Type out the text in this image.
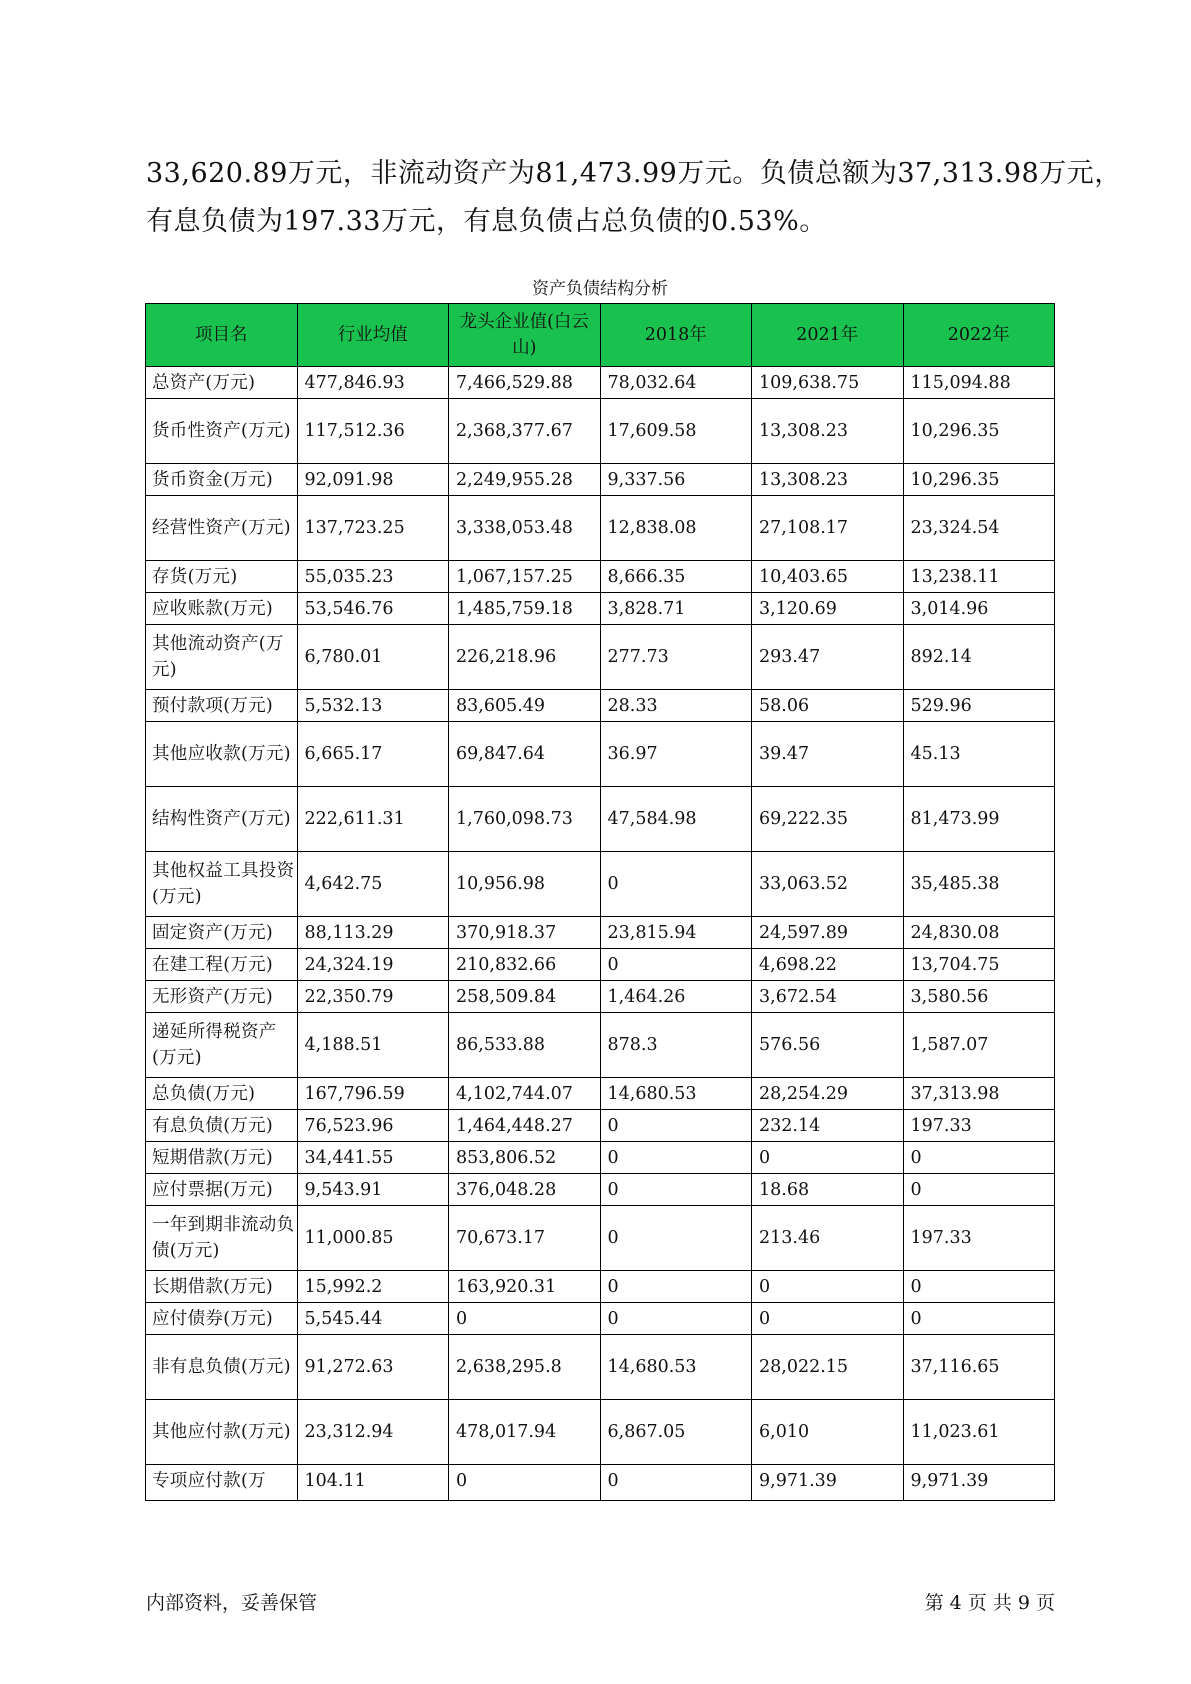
33,620.89万元，非流动资产为81,473.99万元。负债总额为37,313.98万元，

有息负债为197.33万元，有息负债占总负债的0.53%。

资产负债结构分析
项目名	行业均值	龙头企业值(白云山)	2018年	2021年	2022年
总资产(万元)	477,846.93	7,466,529.88	78,032.64	109,638.75	115,094.88
货币性资产(万元)	117,512.36	2,368,377.67	17,609.58	13,308.23	10,296.35
货币资金(万元)	92,091.98	2,249,955.28	9,337.56	13,308.23	10,296.35
经营性资产(万元)	137,723.25	3,338,053.48	12,838.08	27,108.17	23,324.54
存货(万元)	55,035.23	1,067,157.25	8,666.35	10,403.65	13,238.11
应收账款(万元)	53,546.76	1,485,759.18	3,828.71	3,120.69	3,014.96
其他流动资产(万元)	6,780.01	226,218.96	277.73	293.47	892.14
预付款项(万元)	5,532.13	83,605.49	28.33	58.06	529.96
其他应收款(万元)	6,665.17	69,847.64	36.97	39.47	45.13
结构性资产(万元)	222,611.31	1,760,098.73	47,584.98	69,222.35	81,473.99
其他权益工具投资(万元)	4,642.75	10,956.98	0	33,063.52	35,485.38
固定资产(万元)	88,113.29	370,918.37	23,815.94	24,597.89	24,830.08
在建工程(万元)	24,324.19	210,832.66	0	4,698.22	13,704.75
无形资产(万元)	22,350.79	258,509.84	1,464.26	3,672.54	3,580.56
递延所得税资产(万元)	4,188.51	86,533.88	878.3	576.56	1,587.07
总负债(万元)	167,796.59	4,102,744.07	14,680.53	28,254.29	37,313.98
有息负债(万元)	76,523.96	1,464,448.27	0	232.14	197.33
短期借款(万元)	34,441.55	853,806.52	0	0	0
应付票据(万元)	9,543.91	376,048.28	0	18.68	0
一年到期非流动负债(万元)	11,000.85	70,673.17	0	213.46	197.33
长期借款(万元)	15,992.2	163,920.31	0	0	0
应付债券(万元)	5,545.44	0	0	0	0
非有息负债(万元)	91,272.63	2,638,295.8	14,680.53	28,022.15	37,116.65
其他应付款(万元)	23,312.94	478,017.94	6,867.05	6,010	11,023.61
专项应付款(万	104.11	0	0	9,971.39	9,971.39
内部资料，妥善保管	第 4 页 共 9 页
